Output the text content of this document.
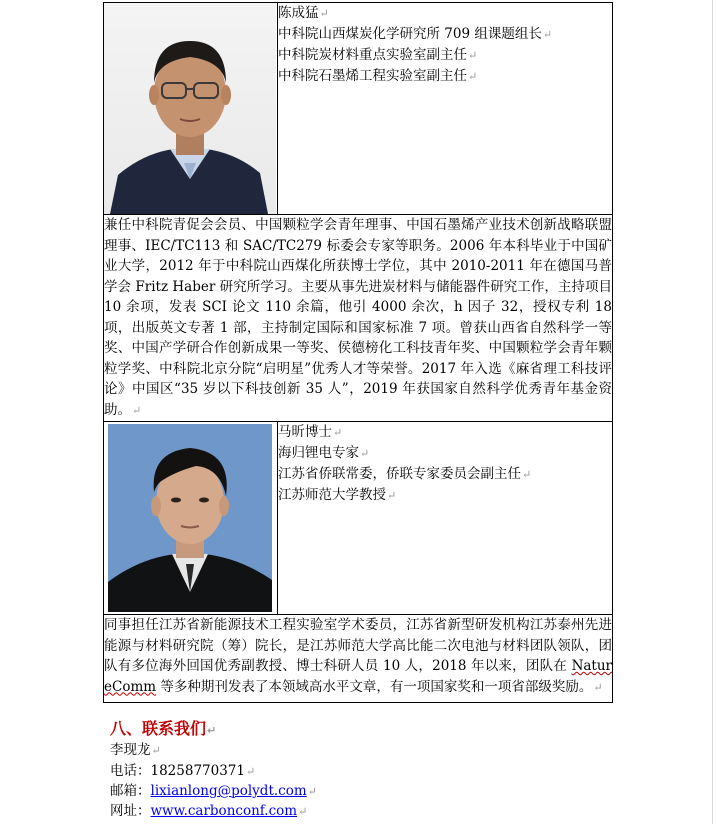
陈成猛↵
中科院山西煤炭化学研究所 709 组课题组长↵
中科院炭材料重点实验室副主任↵
中科院石墨烯工程实验室副主任↵

兼任中科院青促会会员、中国颗粒学会青年理事、中国石墨烯产业技术创新战略联盟理事、IEC/TC113 和 SAC/TC279 标委会专家等职务。2006 年本科毕业于中国矿业大学，2012 年于中科院山西煤化所获博士学位，其中 2010-2011 年在德国马普学会 Fritz Haber 研究所学习。主要从事先进炭材料与储能器件研究工作，主持项目 10 余项，发表 SCI 论文 110 余篇，他引 4000 余次，h 因子 32，授权专利 18 项，出版英文专著 1 部，主持制定国际和国家标准 7 项。曾获山西省自然科学一等奖、中国产学研合作创新成果一等奖、侯德榜化工科技青年奖、中国颗粒学会青年颗粒学奖、中科院北京分院“启明星”优秀人才等荣誉。2017 年入选《麻省理工科技评论》中国区“35 岁以下科技创新 35 人”，2019 年获国家自然科学优秀青年基金资助。↵	

马昕博士↵
海归锂电专家↵
江苏省侨联常委，侨联专家委员会副主任↵
江苏师范大学教授↵

同事担任江苏省新能源技术工程实验室学术委员，江苏省新型研发机构江苏泰州先进能源与材料研究院（筹）院长，是江苏师范大学高比能二次电池与材料团队领队，团队有多位海外回国优秀副教授、博士科研人员 10 人，2018 年以来，团队在 NatureComm 等多种期刊发表了本领域高水平文章，有一项国家奖和一项省部级奖励。↵	
八、联系我们↵
李现龙↵
电话：18258770371↵
邮箱：lixianlong@polydt.com↵
网址：www.carbonconf.com↵
